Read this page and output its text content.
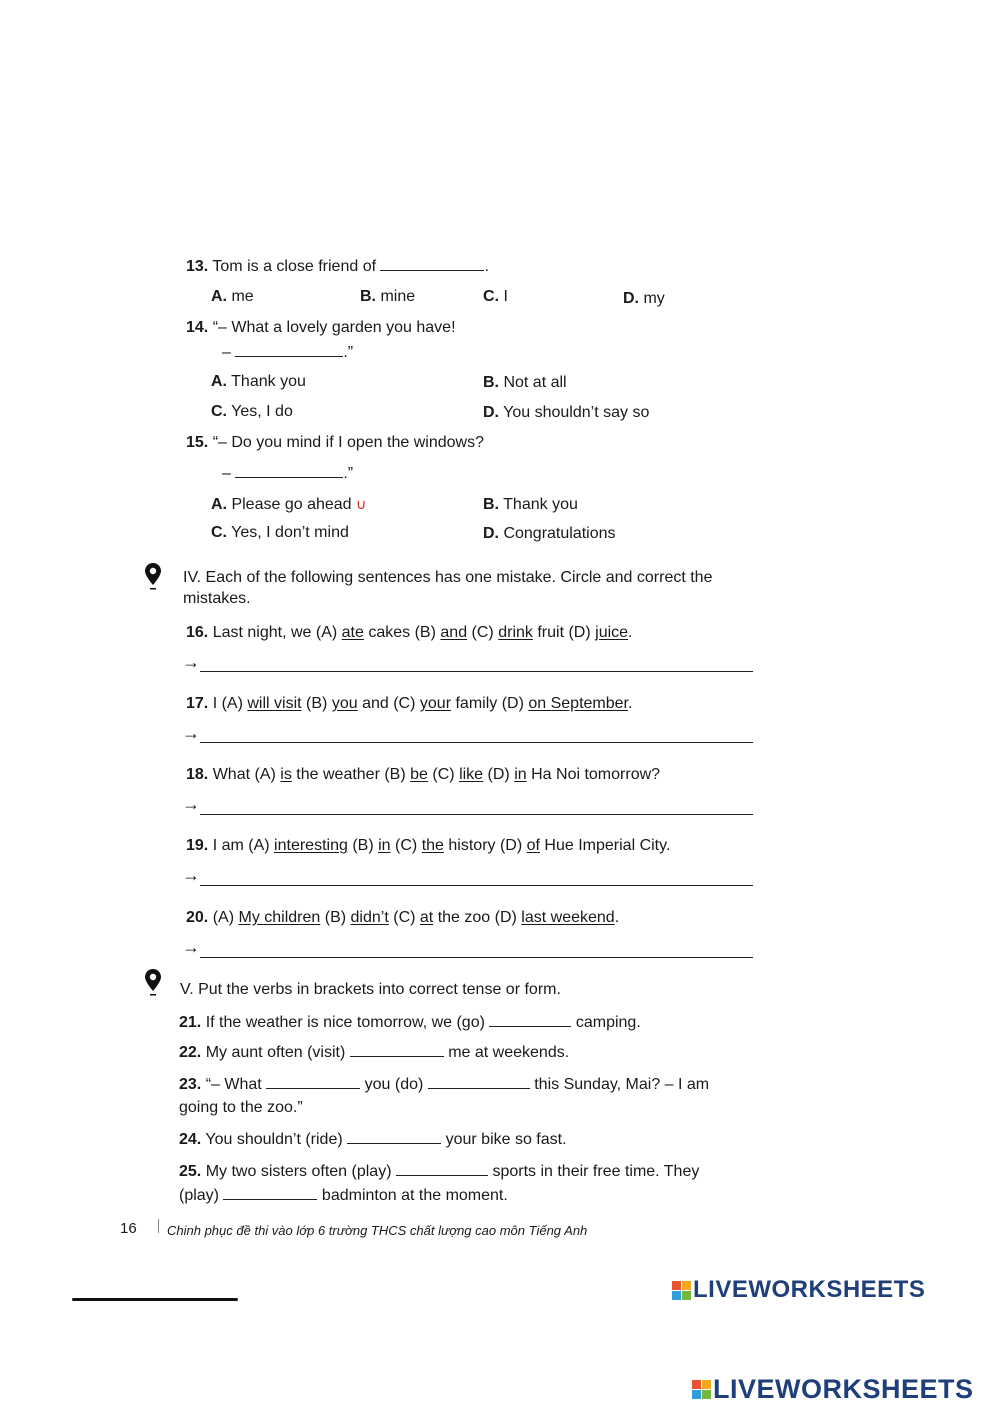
13. Tom is a close friend of	.
A. me	B. mine	C. I	D. my
14. “– What a lovely garden you have!
–	.”
A. Thank you	B. Not at all
C. Yes, I do	D. You shouldn’t say so
15. “– Do you mind if I open the windows?
–	.”
A. Please go ahead ∪	B. Thank you
C. Yes, I don’t mind	D. Congratulations
IV. Each of the following sentences has one mistake. Circle and correct the
mistakes.
16. Last night, we (A) ate cakes (B) and (C) drink fruit (D) juice.
→
17. I (A) will visit (B) you and (C) your family (D) on September.
→
18. What (A) is the weather (B) be (C) like (D) in Ha Noi tomorrow?
→
19. I am (A) interesting (B) in (C) the history (D) of Hue Imperial City.
→
20. (A) My children (B) didn’t (C) at the zoo (D) last weekend.
→
V. Put the verbs in brackets into correct tense or form.
21. If the weather is nice tomorrow, we (go)	camping.
22. My aunt often (visit)	me at weekends.
23. “– What	you (do)	this Sunday, Mai? – I am
going to the zoo.”
24. You shouldn’t (ride)	your bike so fast.
25. My two sisters often (play)	sports in their free time. They
(play)	badminton at the moment.
16 Chinh phục đề thi vào lớp 6 trường THCS chất lượng cao môn Tiếng Anh
LIVEWORKSHEETS
LIVEWORKSHEETS
